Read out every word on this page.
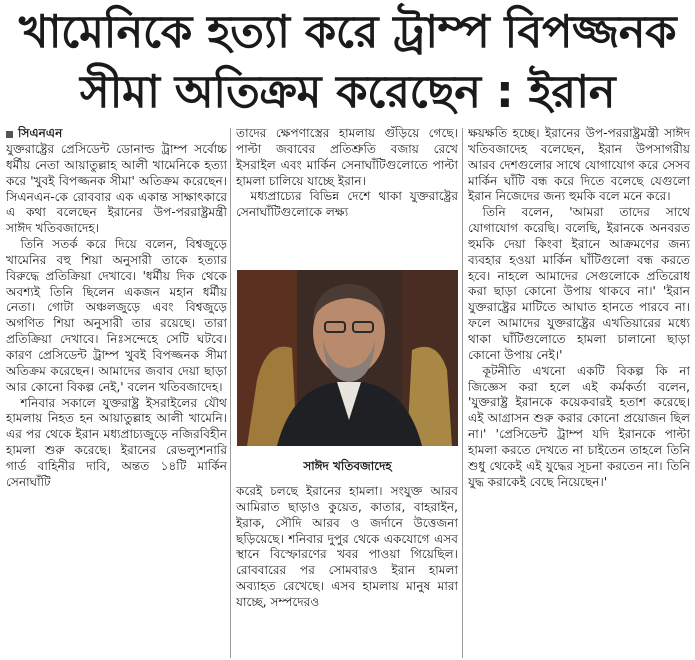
খামেনিকে হত্যা করে ট্রাম্প বিপজ্জনক
সীমা অতিক্রম করেছেন : ইরান
সিএনএন

যুক্তরাষ্ট্রের প্রেসিডেন্ট ডোনাল্ড ট্রাম্প সর্বোচ্চ ধর্মীয় নেতা আয়াতুল্লাহ আলী খামেনিকে হত্যা করে 'খুবই বিপজ্জনক সীমা' অতিক্রম করেছেন। সিএনএন-কে রোববার এক একান্ত সাক্ষাৎকারে এ কথা বলেছেন ইরানের উপ-পররাষ্ট্রমন্ত্রী সাঈদ খতিবজাদেহ।

তিনি সতর্ক করে দিয়ে বলেন, বিশ্বজুড়ে খামেনির বহু শিয়া অনুসারী তাকে হত্যার বিরুদ্ধে প্রতিক্রিয়া দেখাবে। 'ধর্মীয় দিক থেকে অবশ্যই তিনি ছিলেন একজন মহান ধর্মীয় নেতা। গোটা অঞ্চলজুড়ে এবং বিশ্বজুড়ে অগণিত শিয়া অনুসারী তার রয়েছে। তারা প্রতিক্রিয়া দেখাবে। নিঃসন্দেহে সেটি ঘটবে। কারণ প্রেসিডেন্ট ট্রাম্প খুবই বিপজ্জনক সীমা অতিক্রম করেছেন। আমাদের জবাব দেয়া ছাড়া আর কোনো বিকল্প নেই,' বলেন খতিবজাদেহ।

শনিবার সকালে যুক্তরাষ্ট্র ইসরাইলের যৌথ হামলায় নিহত হন আয়াতুল্লাহ আলী খামেনি। এর পর থেকে ইরান মধ্যপ্রাচ্যজুড়ে নজিরবিহীন হামলা শুরু করেছে। ইরানের রেভল্যুশনারি গার্ড বাহিনীর দাবি, অন্তত ১৪টি মার্কিন সেনাঘাঁটি

তাদের ক্ষেপণাস্ত্রের হামলায় গুঁড়িয়ে গেছে। পাল্টা জবাবের প্রতিশ্রুতি বজায় রেখে ইসরাইল এবং মার্কিন সেনাঘাঁটিগুলোতে পাল্টা হামলা চালিয়ে যাচ্ছে ইরান।

মধ্যপ্রাচ্যের বিভিন্ন দেশে থাকা যুক্তরাষ্ট্রের সেনাঘাঁটিগুলোকে লক্ষ্য

সাঈদ খতিবজাদেহ

করেই চলছে ইরানের হামলা। সংযুক্ত আরব আমিরাত ছাড়াও কুয়েত, কাতার, বাহরাইন, ইরাক, সৌদি আরব ও জর্দানে উত্তেজনা ছড়িয়েছে। শনিবার দুপুর থেকে একযোগে এসব স্থানে বিস্ফোরণের খবর পাওয়া গিয়েছিল। রোববারের পর সোমবারও ইরান হামলা অব্যাহত রেখেছে। এসব হামলায় মানুষ মারা যাচ্ছে, সম্পদেরও

ক্ষয়ক্ষতি হচ্ছে। ইরানের উপ-পররাষ্ট্রমন্ত্রী সাঈদ খতিবজাদেহ বলেছেন, ইরান উপসাগরীয় আরব দেশগুলোর সাথে যোগাযোগ করে সেসব মার্কিন ঘাঁটি বন্ধ করে দিতে বলেছে যেগুলো ইরান নিজেদের জন্য হুমকি বলে মনে করে।

তিনি বলেন, 'আমরা তাদের সাথে যোগাযোগ করেছি। বলেছি, ইরানকে অনবরত হুমকি দেয়া কিংবা ইরানে আক্রমণের জন্য ব্যবহার হওয়া মার্কিন ঘাঁটিগুলো বন্ধ করতে হবে। নাহলে আমাদের সেগুলোকে প্রতিরোধ করা ছাড়া কোনো উপায় থাকবে না।' 'ইরান যুক্তরাষ্ট্রের মাটিতে আঘাত হানতে পারবে না। ফলে আমাদের যুক্তরাষ্ট্রের এখতিয়ারের মধ্যে থাকা ঘাঁটিগুলোতে হামলা চালানো ছাড়া কোনো উপায় নেই।'

কূটনীতি এখনো একটি বিকল্প কি না জিজ্ঞেস করা হলে এই কর্মকর্তা বলেন, 'যুক্তরাষ্ট্র ইরানকে কয়েকবারই হতাশ করেছে। এই আগ্রাসন শুরু করার কোনো প্রয়োজন ছিল না।' 'প্রেসিডেন্ট ট্রাম্প যদি ইরানকে পাল্টা হামলা করতে দেখতে না চাইতেন তাহলে তিনি শুধু থেকেই এই যুদ্ধের সূচনা করতেন না। তিনি যুদ্ধ করাকেই বেছে নিয়েছেন।'
